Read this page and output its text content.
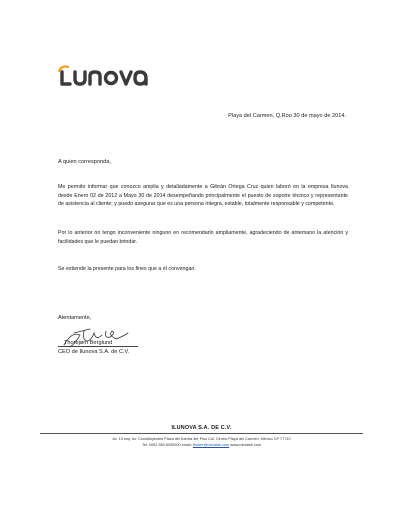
Playa del Carmen, Q.Roo 30 de mayo de 2014.
A quien corresponda,

Me permito informar que conozco amplia y detalladamente a Gibrán Ortega Cruz quien laboró en la empresa Ilunova desde Enero 02 de 2012 a Mayo 30 de 2014 desempeñando principalmente el puesto de soporte técnico y representante de asistencia al cliente; y puedo asegurar que es una persona íntegra, estable, totalmente responsable y competente.

Por lo anterior no tengo inconveniente ninguno en recomendarlo ampliamente, agradeciendo de antemano la atención y facilidades que le puedan brindar.

Se extiende la presente para los fines que a él convengan.

Atentamente,
Thorbjørn Berglund
CEO de Ilunova S.A. de C.V.
ILUNOVA S.A. DE C.V.
Av. 10 esq. Av. Constituyentes Plaza del Karma 3er Piso Col. Centro Playa del Carmen, México CP 77710
Tel: 0052 984 8030000 email: thober@mindark.com www.mindark.com
